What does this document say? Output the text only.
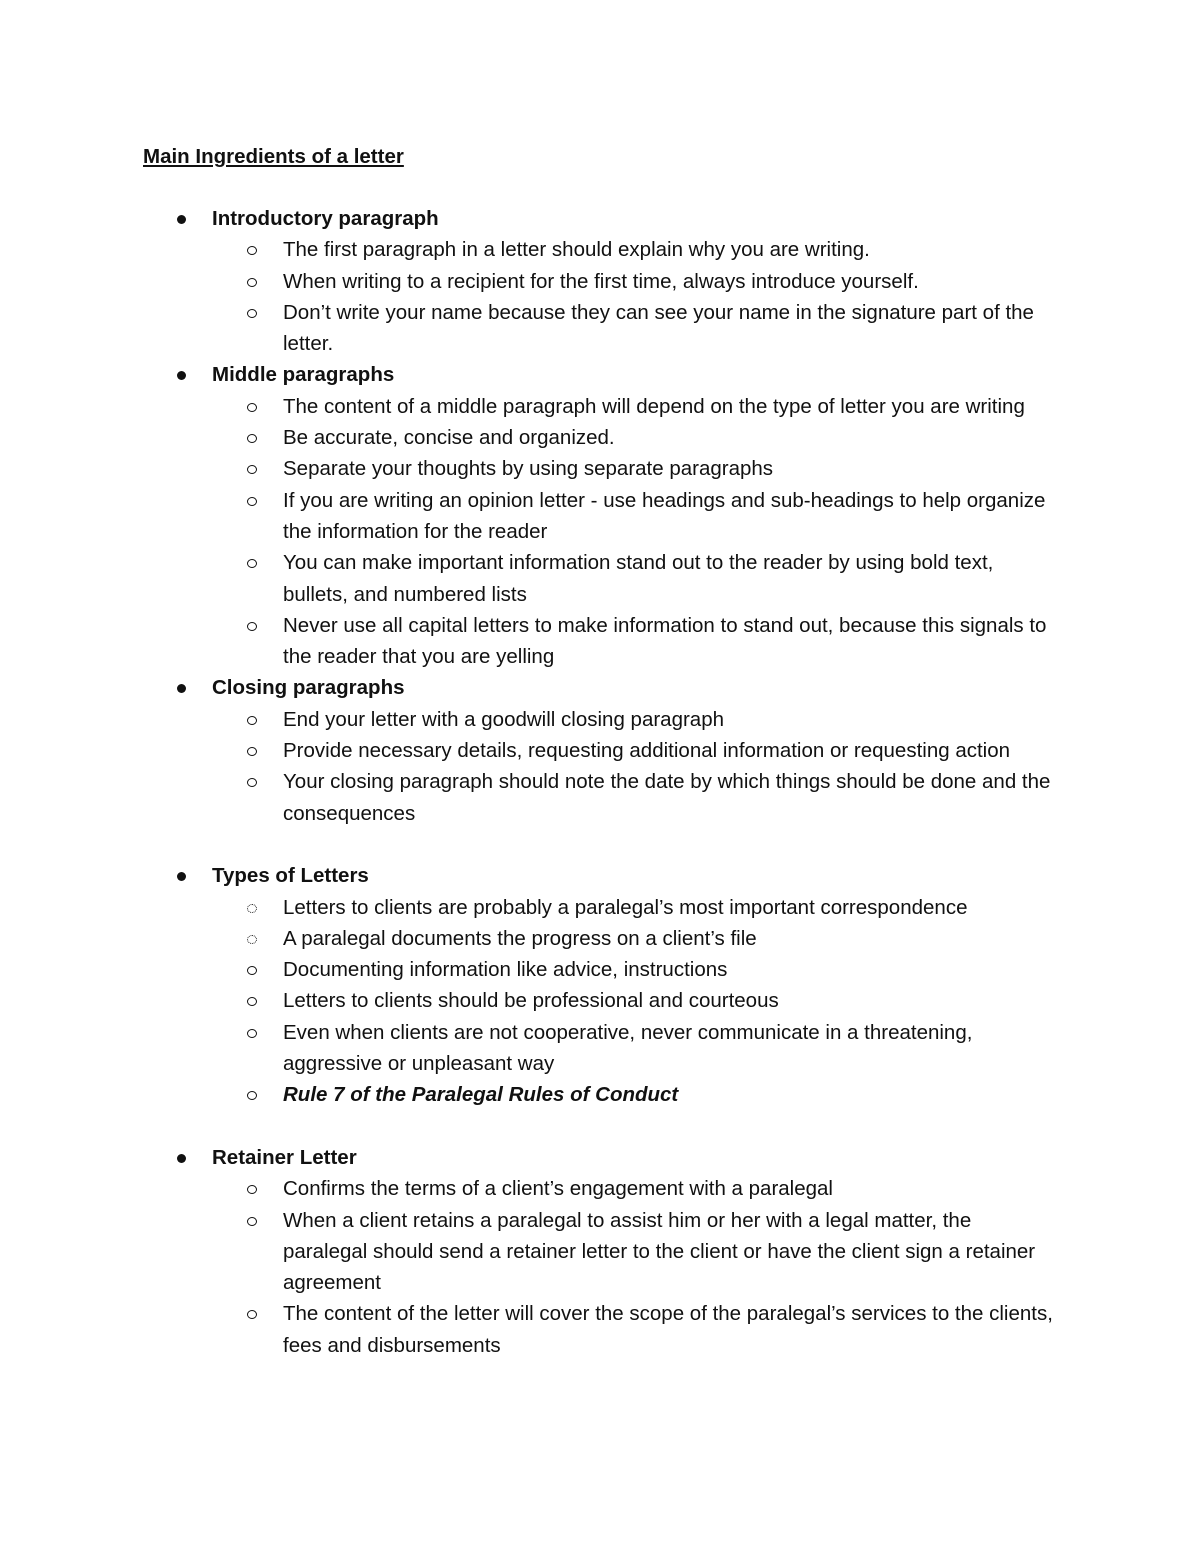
Main Ingredients of a letter
Introductory paragraph
The first paragraph in a letter should explain why you are writing.
When writing to a recipient for the first time, always introduce yourself.
Don’t write your name because they can see your name in the signature part of the letter.
Middle paragraphs
The content of a middle paragraph will depend on the type of letter you are writing
Be accurate, concise and organized.
Separate your thoughts by using separate paragraphs
If you are writing an opinion letter - use headings and sub-headings to help organize the information for the reader
You can make important information stand out to the reader by using bold text, bullets, and numbered lists
Never use all capital letters to make information to stand out, because this signals to the reader that you are yelling
Closing paragraphs
End your letter with a goodwill closing paragraph
Provide necessary details, requesting additional information or requesting action
Your closing paragraph should note the date by which things should be done and the consequences
Types of Letters
Letters to clients are probably a paralegal’s most important correspondence
A paralegal documents the progress on a client’s file
Documenting information like advice, instructions
Letters to clients should be professional and courteous
Even when clients are not cooperative, never communicate in a threatening, aggressive or unpleasant way
Rule 7 of the Paralegal Rules of Conduct
Retainer Letter
Confirms the terms of a client’s engagement with a paralegal
When a client retains a paralegal to assist him or her with a legal matter, the paralegal should send a retainer letter to the client or have the client sign a retainer agreement
The content of the letter will cover the scope of the paralegal’s services to the clients, fees and disbursements
